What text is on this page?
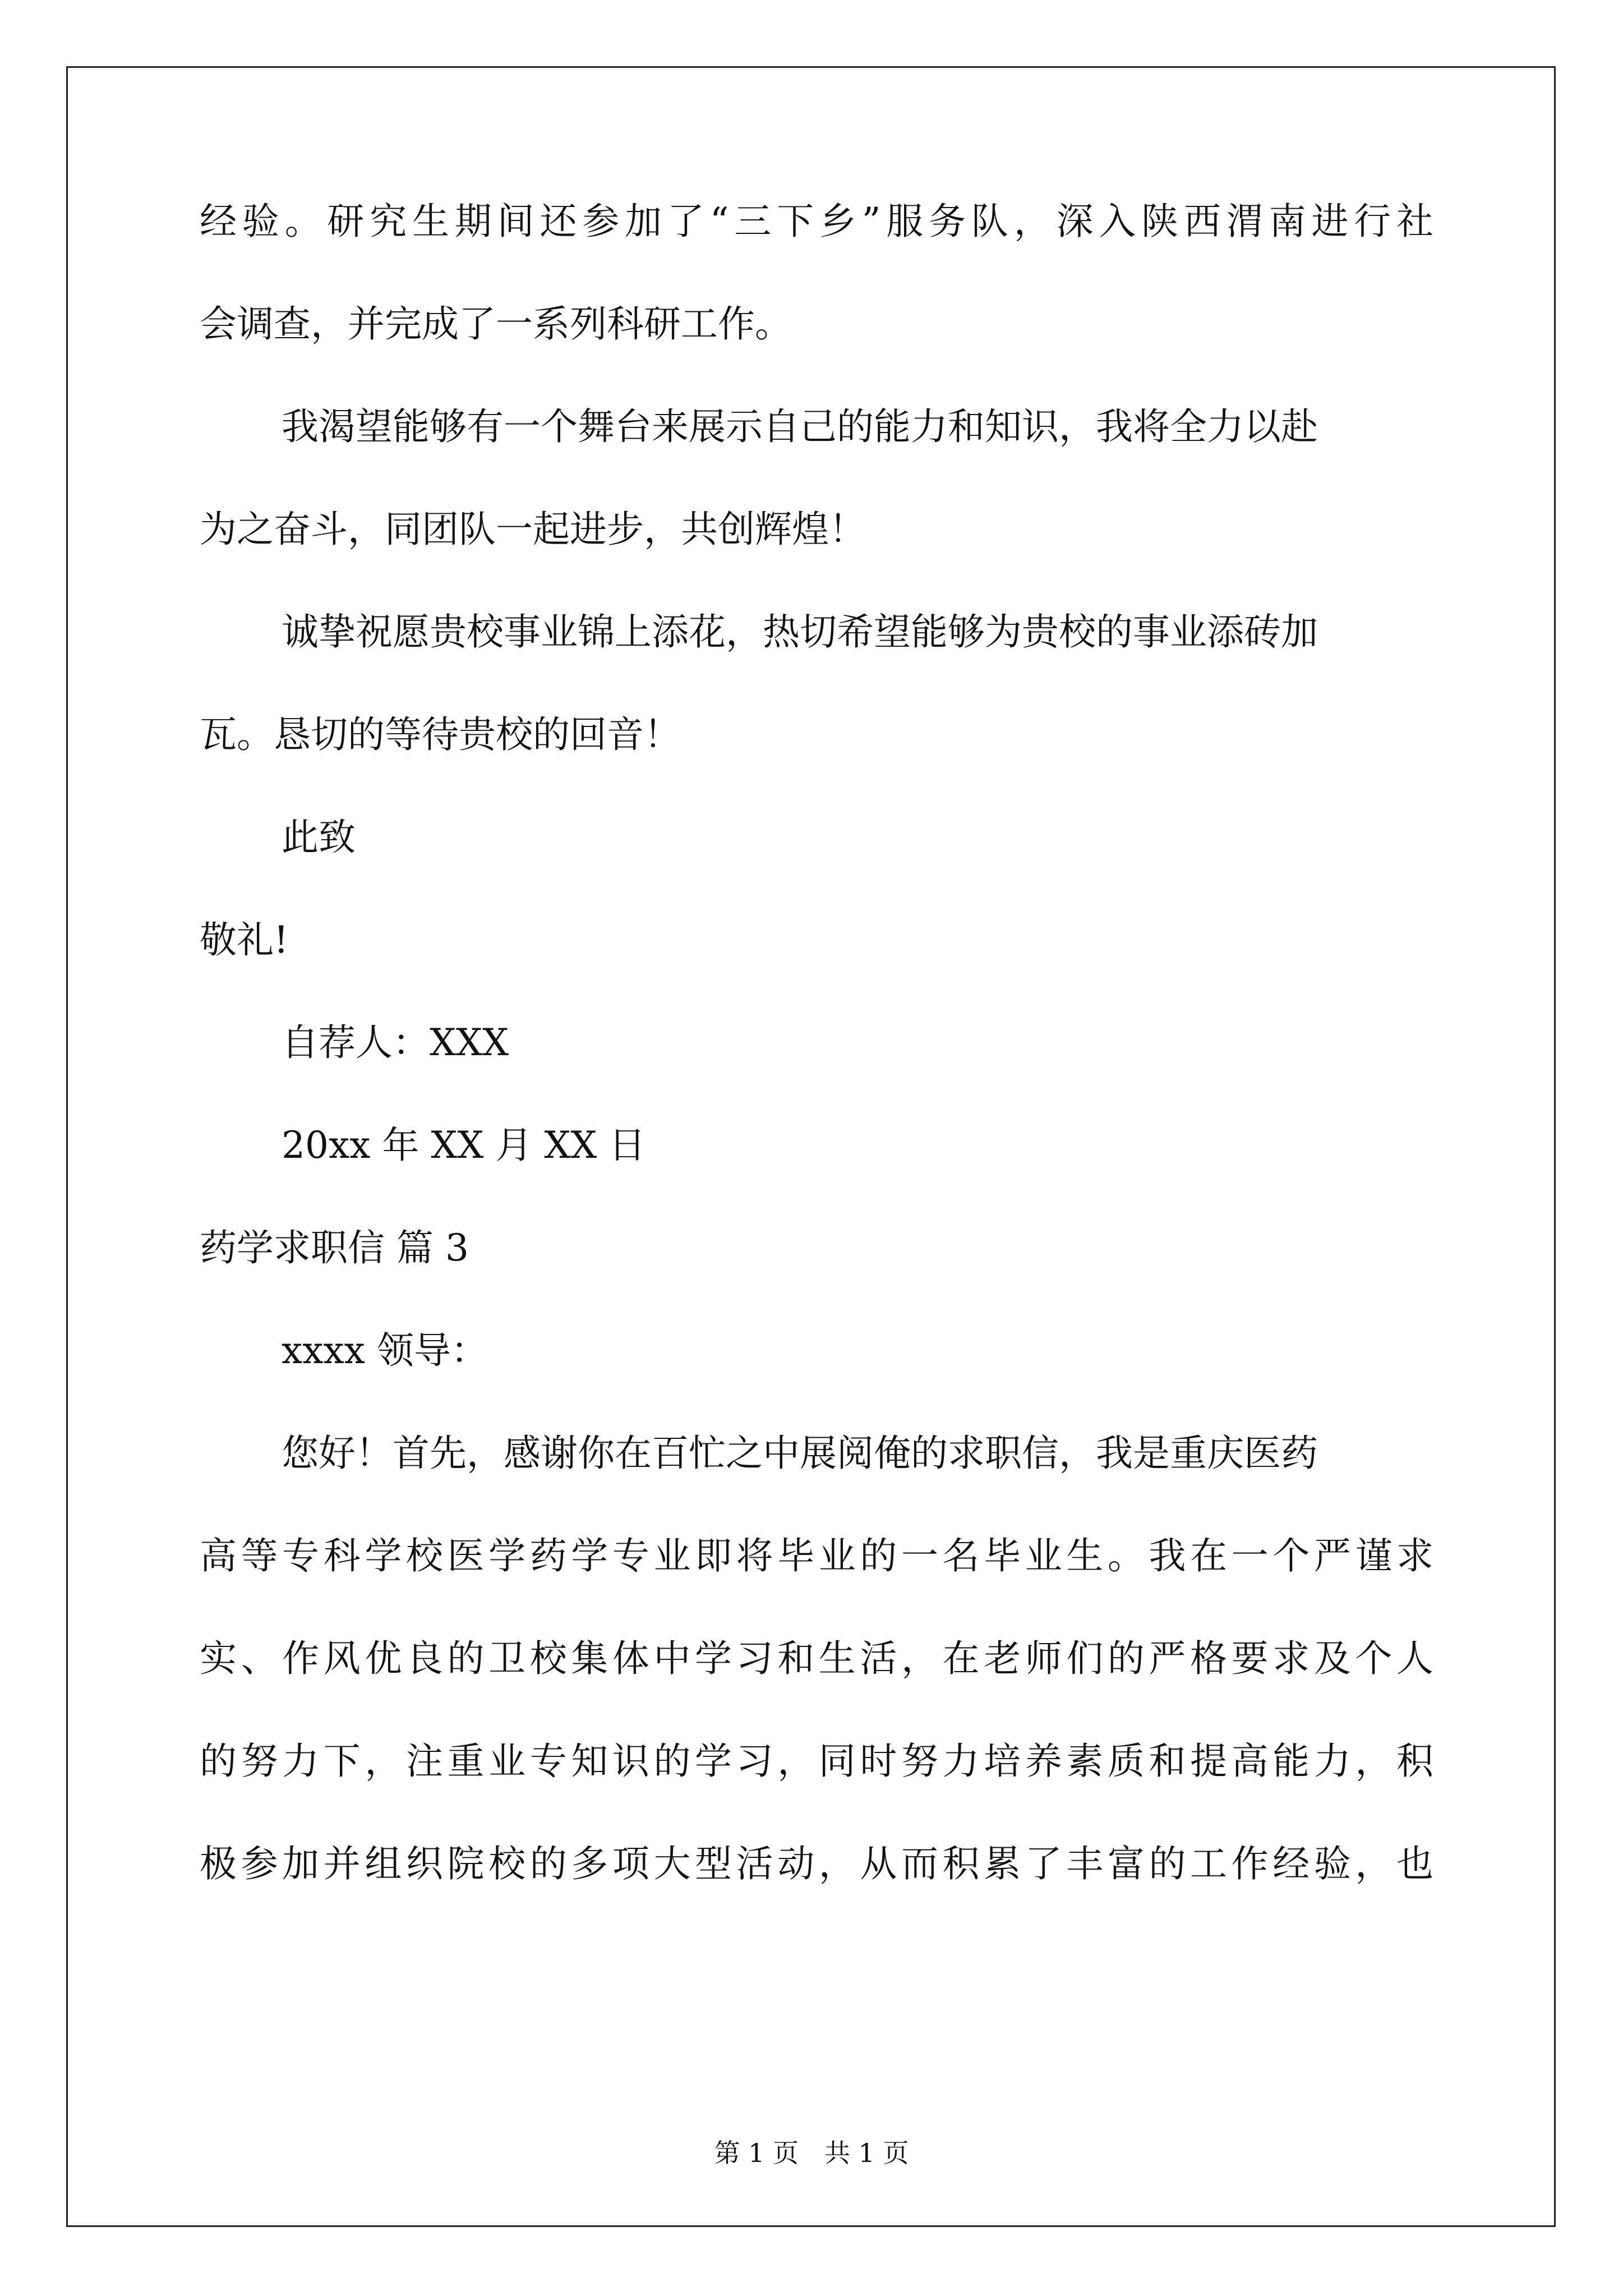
经验。研究生期间还参加了“三下乡”服务队，深入陕西渭南进行社
会调查，并完成了一系列科研工作。
我渴望能够有一个舞台来展示自己的能力和知识，我将全力以赴
为之奋斗，同团队一起进步，共创辉煌！
诚挚祝愿贵校事业锦上添花，热切希望能够为贵校的事业添砖加
瓦。恳切的等待贵校的回音！
此致
敬礼!
自荐人：XXX
20xx 年 XX 月 XX 日
药学求职信 篇 3
xxxx 领导：
您好！首先，感谢你在百忙之中展阅俺的求职信，我是重庆医药
高等专科学校医学药学专业即将毕业的一名毕业生。我在一个严谨求
实、作风优良的卫校集体中学习和生活，在老师们的严格要求及个人
的努力下，注重业专知识的学习，同时努力培养素质和提高能力，积
极参加并组织院校的多项大型活动，从而积累了丰富的工作经验，也
第 1 页　共 1 页
